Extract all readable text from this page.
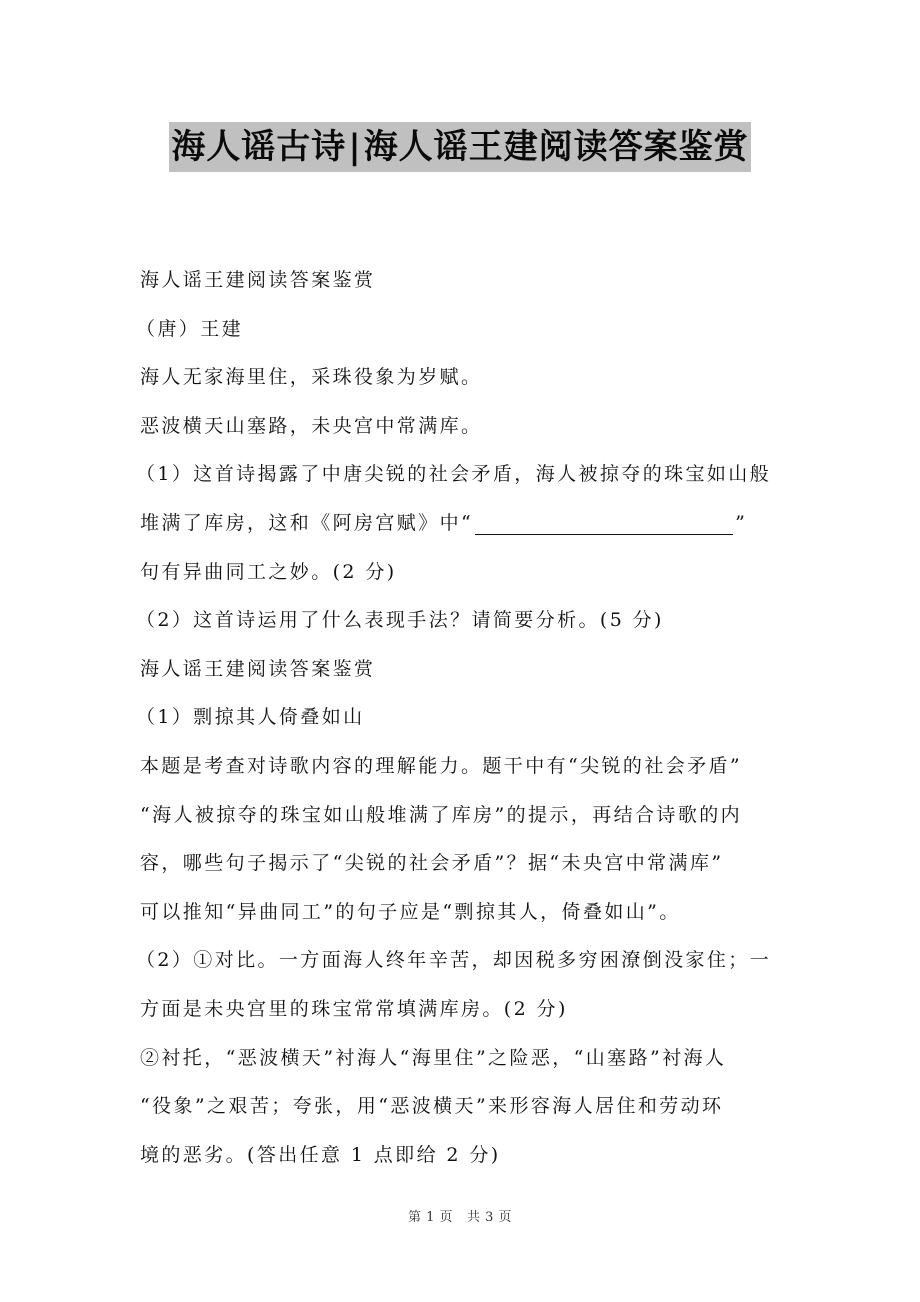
海人谣古诗|海人谣王建阅读答案鉴赏
海人谣王建阅读答案鉴赏
（唐）王建
海人无家海里住，采珠役象为岁赋。
恶波横天山塞路，未央宫中常满库。
（1）这首诗揭露了中唐尖锐的社会矛盾，海人被掠夺的珠宝如山般
堆满了库房，这和《阿房宫赋》中“	”
句有异曲同工之妙。(2 分)
（2）这首诗运用了什么表现手法？请简要分析。(5 分)
海人谣王建阅读答案鉴赏
（1）剽掠其人倚叠如山
本题是考查对诗歌内容的理解能力。题干中有“尖锐的社会矛盾”
“海人被掠夺的珠宝如山般堆满了库房”的提示，再结合诗歌的内
容，哪些句子揭示了“尖锐的社会矛盾”？据“未央宫中常满库”
可以推知“异曲同工”的句子应是“剽掠其人，倚叠如山”。
（2）①对比。一方面海人终年辛苦，却因税多穷困潦倒没家住；一
方面是未央宫里的珠宝常常填满库房。(2 分)
②衬托，“恶波横天”衬海人“海里住”之险恶，“山塞路”衬海人
“役象”之艰苦；夸张，用“恶波横天”来形容海人居住和劳动环
境的恶劣。(答出任意 1 点即给 2 分)
第 1 页 共 3 页
